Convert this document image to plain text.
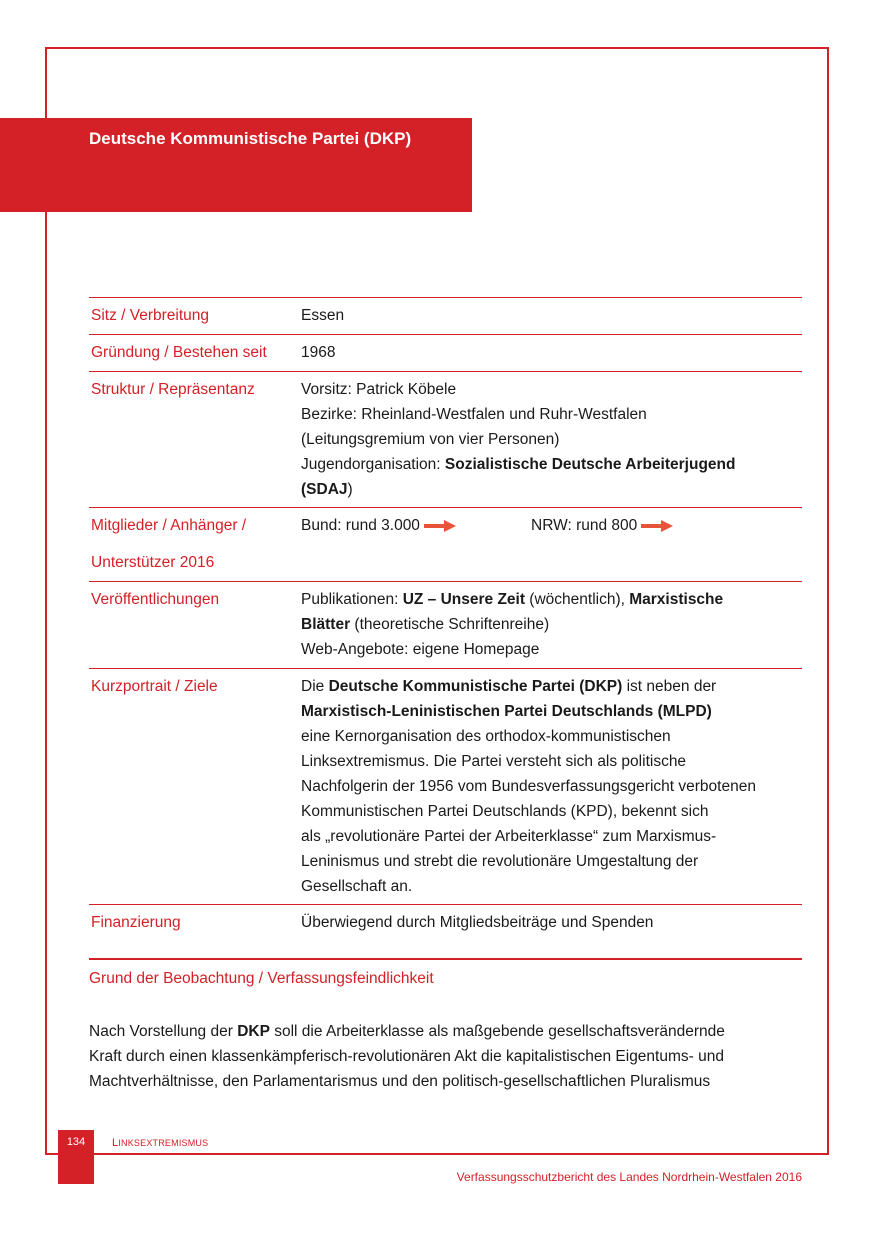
Deutsche Kommunistische Partei (DKP)
Sitz / Verbreitung	Essen
Gründung / Bestehen seit 1968
Struktur / Repräsentanz	Vorsitz: Patrick Köbele
Bezirke: Rheinland-Westfalen und Ruhr-Westfalen
(Leitungsgremium von vier Personen)
Jugendorganisation: Sozialistische Deutsche Arbeiterjugend
(SDAJ)
Mitglieder / Anhänger /
Unterstützer 2016
Bund: rund 3.000	NRW: rund 800
Veröffentlichungen	Publikationen: UZ – Unsere Zeit (wöchentlich), Marxistische
Blätter (theoretische Schriftenreihe)
Web-Angebote: eigene Homepage
Kurzportrait / Ziele	Die Deutsche Kommunistische Partei (DKP) ist neben der
Marxistisch-Leninistischen Partei Deutschlands (MLPD)
eine Kernorganisation des orthodox-kommunistischen
Linksextremismus. Die Partei versteht sich als politische
Nachfolgerin der 1956 vom Bundesverfassungsgericht verbotenen
Kommunistischen Partei Deutschlands (KPD), bekennt sich
als „revolutionäre Partei der Arbeiterklasse“ zum Marxismus-
Leninismus und strebt die revolutionäre Umgestaltung der
Gesellschaft an.
Finanzierung	Überwiegend durch Mitgliedsbeiträge und Spenden
Grund der Beobachtung / Verfassungsfeindlichkeit
Nach Vorstellung der DKP soll die Arbeiterklasse als maßgebende gesellschaftsverändernde
Kraft durch einen klassenkämpferisch-revolutionären Akt die kapitalistischen Eigentums- und
Machtverhältnisse, den Parlamentarismus und den politisch-gesellschaftlichen Pluralismus
134	LINKSEXTREMISMUS
Verfassungsschutzbericht des Landes Nordrhein-Westfalen 2016
